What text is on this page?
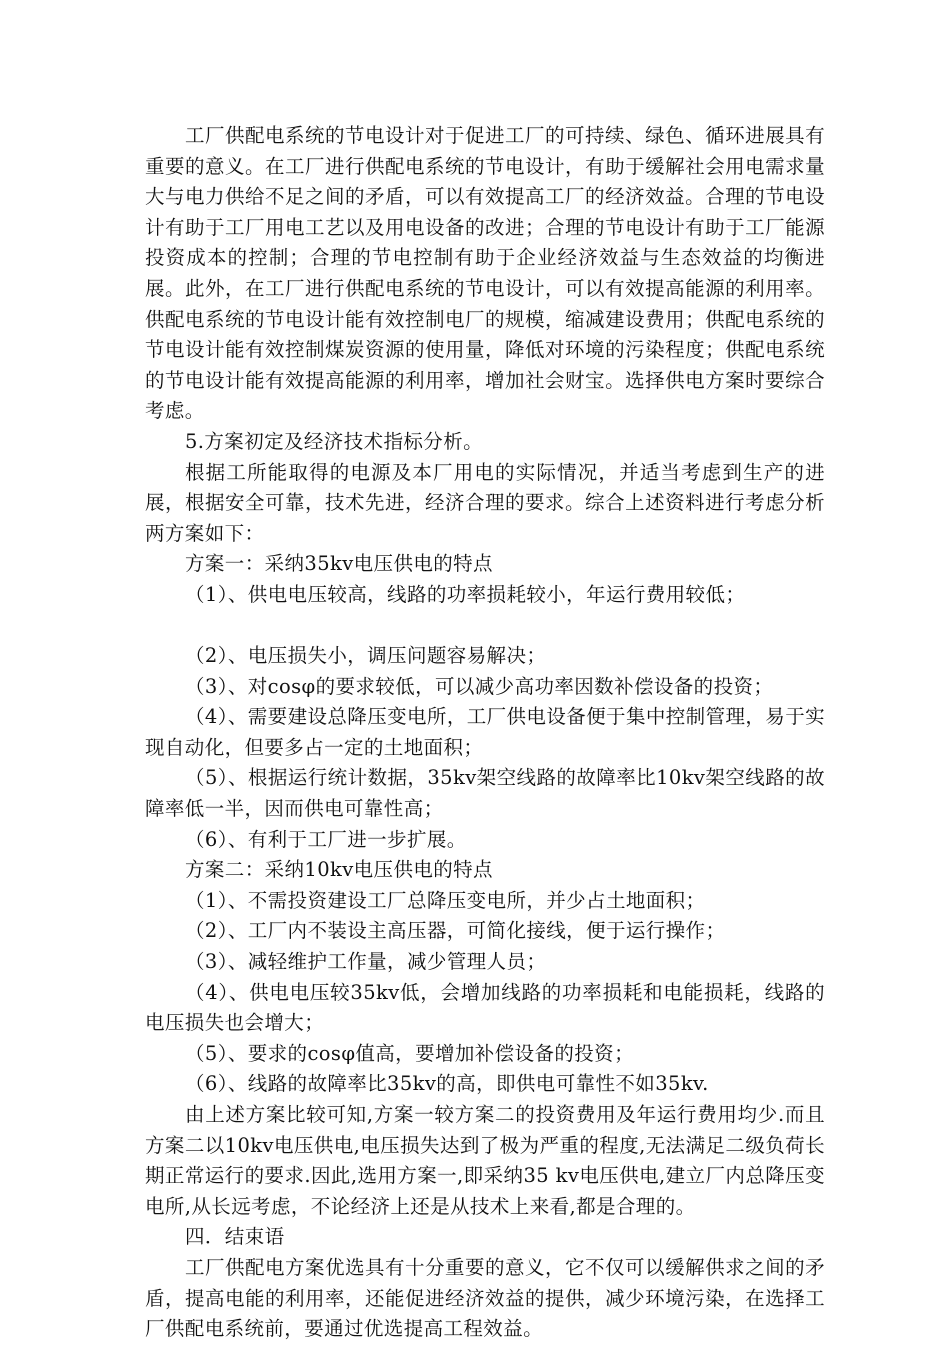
工厂供配电系统的节电设计对于促进工厂的可持续、绿色、循环进展具有重要的意义。在工厂进行供配电系统的节电设计，有助于缓解社会用电需求量大与电力供给不足之间的矛盾，可以有效提高工厂的经济效益。合理的节电设计有助于工厂用电工艺以及用电设备的改进；合理的节电设计有助于工厂能源投资成本的控制；合理的节电控制有助于企业经济效益与生态效益的均衡进展。此外，在工厂进行供配电系统的节电设计，可以有效提高能源的利用率。供配电系统的节电设计能有效控制电厂的规模，缩减建设费用；供配电系统的节电设计能有效控制煤炭资源的使用量，降低对环境的污染程度；供配电系统的节电设计能有效提高能源的利用率，增加社会财宝。选择供电方案时要综合考虑。

5.方案初定及经济技术指标分析。

根据工所能取得的电源及本厂用电的实际情况，并适当考虑到生产的进展，根据安全可靠，技术先进，经济合理的要求。综合上述资料进行考虑分析两方案如下：

方案一：采纳35kv电压供电的特点

（1）、供电电压较高，线路的功率损耗较小，年运行费用较低；

（2）、电压损失小，调压问题容易解决；

（3）、对cosφ的要求较低，可以减少高功率因数补偿设备的投资；

（4）、需要建设总降压变电所，工厂供电设备便于集中控制管理，易于实现自动化，但要多占一定的土地面积；

（5）、根据运行统计数据，35kv架空线路的故障率比10kv架空线路的故障率低一半，因而供电可靠性高；

（6）、有利于工厂进一步扩展。

方案二：采纳10kv电压供电的特点

（1）、不需投资建设工厂总降压变电所，并少占土地面积；

（2）、工厂内不装设主高压器，可简化接线，便于运行操作；

（3）、减轻维护工作量，减少管理人员；

（4）、供电电压较35kv低，会增加线路的功率损耗和电能损耗，线路的电压损失也会增大；

（5）、要求的cosφ值高，要增加补偿设备的投资；

（6）、线路的故障率比35kv的高，即供电可靠性不如35kv.

由上述方案比较可知,方案一较方案二的投资费用及年运行费用均少.而且方案二以10kv电压供电,电压损失达到了极为严重的程度,无法满足二级负荷长期正常运行的要求.因此,选用方案一,即采纳35 kv电压供电,建立厂内总降压变电所,从长远考虑，不论经济上还是从技术上来看,都是合理的。

四．结束语

工厂供配电方案优选具有十分重要的意义，它不仅可以缓解供求之间的矛盾，提高电能的利用率，还能促进经济效益的提供，减少环境污染，在选择工厂供配电系统前，要通过优选提高工程效益。
